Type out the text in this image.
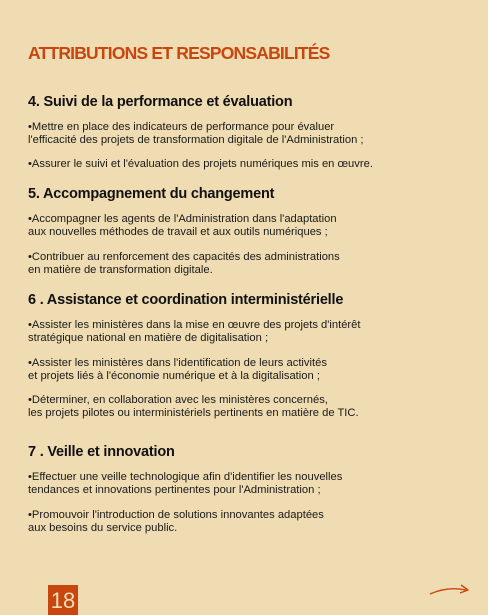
ATTRIBUTIONS ET RESPONSABILITÉS
4. Suivi de la performance et évaluation
•Mettre en place des indicateurs de performance pour évaluer
l'efficacité des projets de transformation digitale de l'Administration ;
•Assurer le suivi et l'évaluation des projets numériques mis en œuvre.
5. Accompagnement du changement
•Accompagner les agents de l'Administration dans l'adaptation
aux nouvelles méthodes de travail et aux outils numériques ;
•Contribuer au renforcement des capacités des administrations
en matière de transformation digitale.
6 . Assistance et coordination interministérielle
•Assister les ministères dans la mise en œuvre des projets d'intérêt
stratégique national en matière de digitalisation ;
•Assister les ministères dans l'identification de leurs activités
et projets liés à l'économie numérique et à la digitalisation ;
•Déterminer, en collaboration avec les ministères concernés,
les projets pilotes ou interministériels pertinents en matière de TIC.
7 . Veille et innovation
•Effectuer une veille technologique afin d'identifier les nouvelles
tendances et innovations pertinentes pour l'Administration ;
•Promouvoir l'introduction de solutions innovantes adaptées
aux besoins du service public.
18
